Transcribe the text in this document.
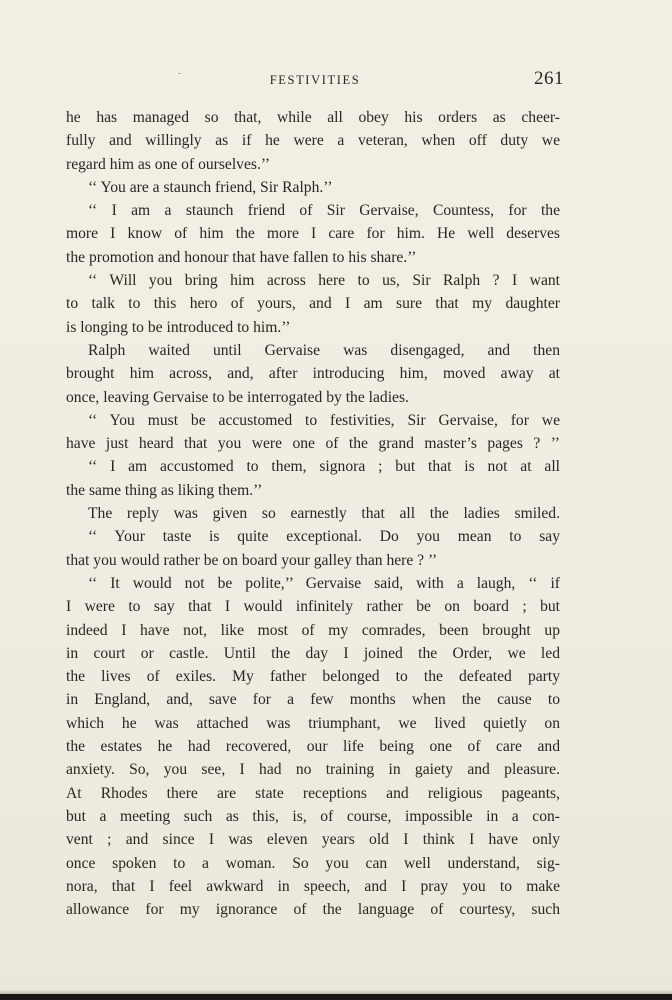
FESTIVITIES	261
he has managed so that, while all obey his orders as cheer-
fully and willingly as if he were a veteran, when off duty we
regard him as one of ourselves.’’
‘‘ You are a staunch friend, Sir Ralph.’’
‘‘ I am a staunch friend of Sir Gervaise, Countess, for the
more I know of him the more I care for him. He well deserves
the promotion and honour that have fallen to his share.’’
‘‘ Will you bring him across here to us, Sir Ralph ? I want
to talk to this hero of yours, and I am sure that my daughter
is longing to be introduced to him.’’
Ralph waited until Gervaise was disengaged, and then
brought him across, and, after introducing him, moved away at
once, leaving Gervaise to be interrogated by the ladies.
‘‘ You must be accustomed to festivities, Sir Gervaise, for we
have just heard that you were one of the grand master’s pages ? ’’
‘‘ I am accustomed to them, signora ; but that is not at all
the same thing as liking them.’’
The reply was given so earnestly that all the ladies smiled.
‘‘ Your taste is quite exceptional. Do you mean to say
that you would rather be on board your galley than here ? ’’
‘‘ It would not be polite,’’ Gervaise said, with a laugh, ‘‘ if
I were to say that I would infinitely rather be on board ; but
indeed I have not, like most of my comrades, been brought up
in court or castle. Until the day I joined the Order, we led
the lives of exiles. My father belonged to the defeated party
in England, and, save for a few months when the cause to
which he was attached was triumphant, we lived quietly on
the estates he had recovered, our life being one of care and
anxiety. So, you see, I had no training in gaiety and pleasure.
At Rhodes there are state receptions and religious pageants,
but a meeting such as this, is, of course, impossible in a con-
vent ; and since I was eleven years old I think I have only
once spoken to a woman. So you can well understand, sig-
nora, that I feel awkward in speech, and I pray you to make
allowance for my ignorance of the language of courtesy, such
